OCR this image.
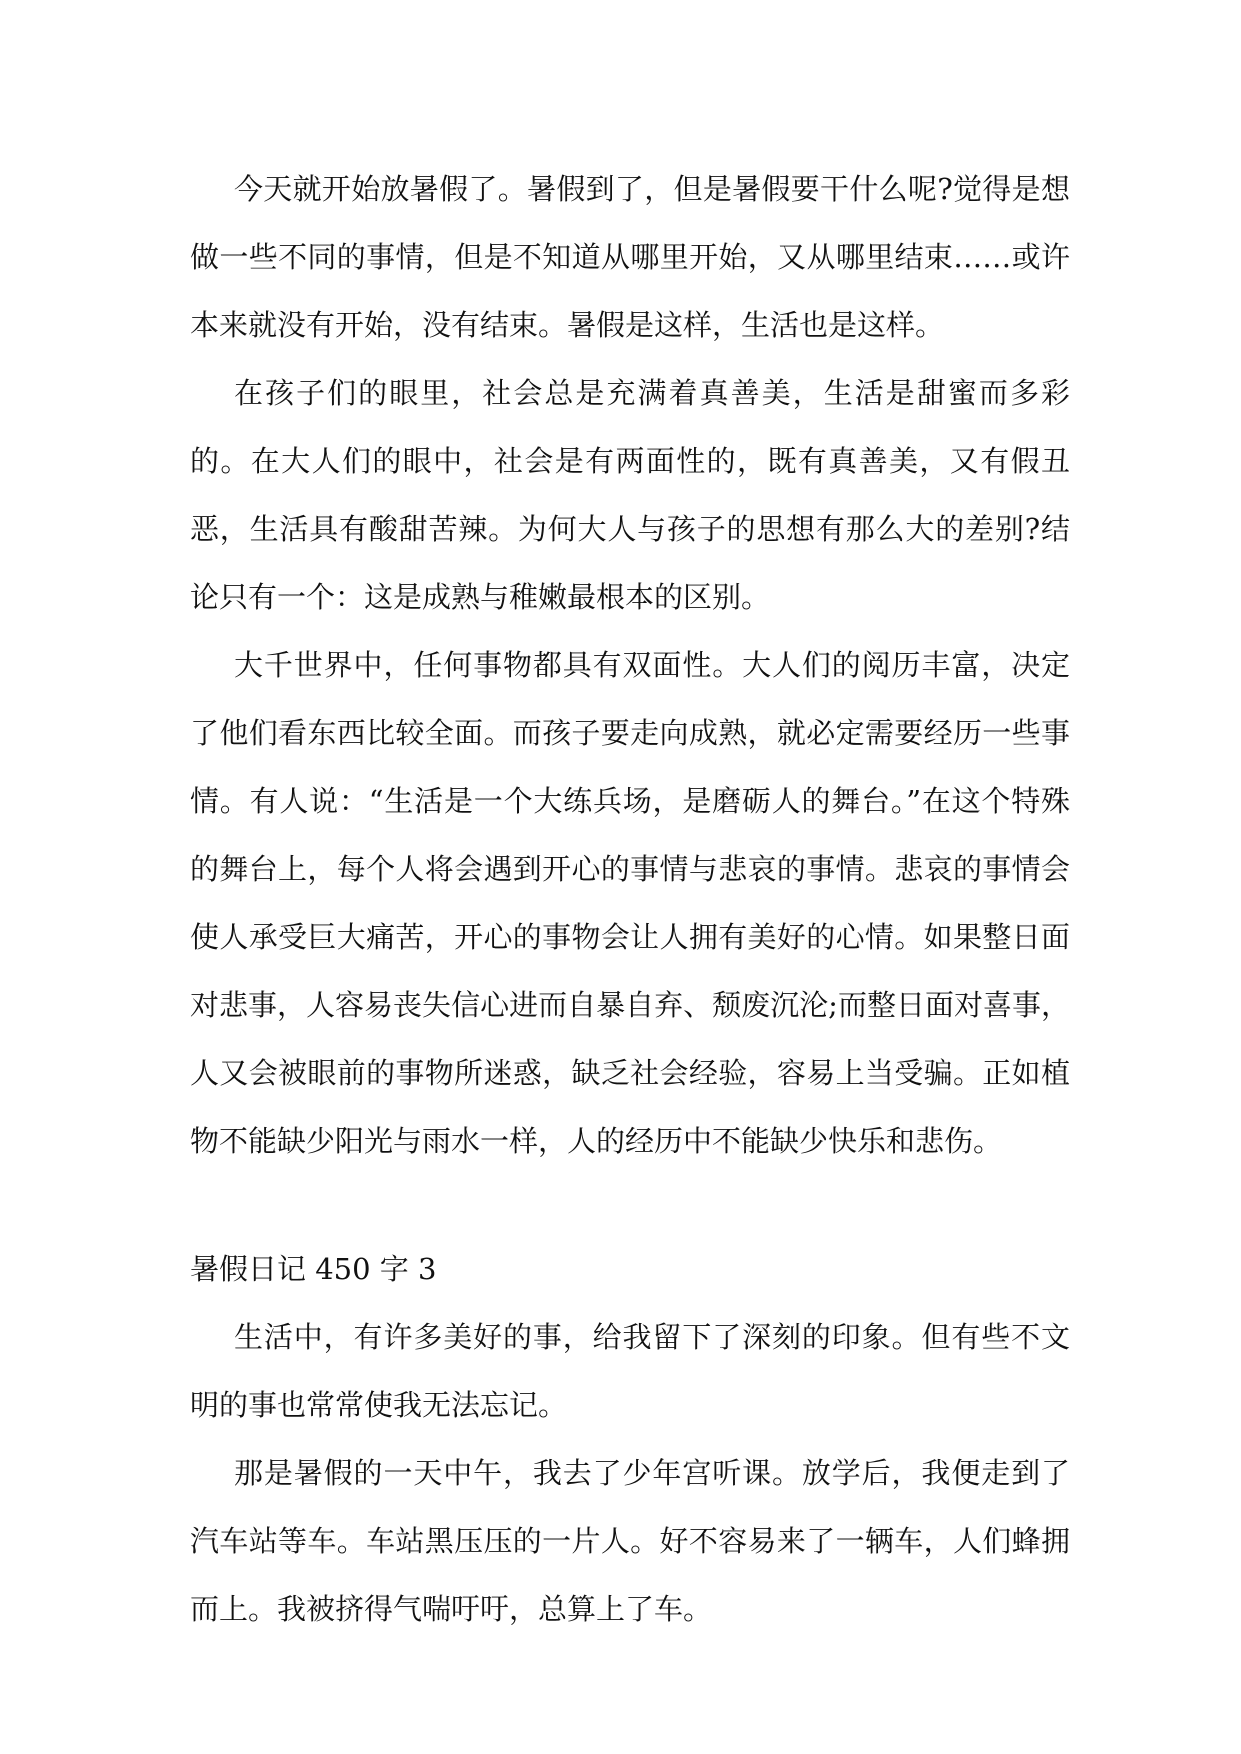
今天就开始放暑假了。暑假到了，但是暑假要干什么呢?觉得是想做一些不同的事情，但是不知道从哪里开始，又从哪里结束……或许本来就没有开始，没有结束。暑假是这样，生活也是这样。

在孩子们的眼里，社会总是充满着真善美，生活是甜蜜而多彩的。在大人们的眼中，社会是有两面性的，既有真善美，又有假丑恶，生活具有酸甜苦辣。为何大人与孩子的思想有那么大的差别?结论只有一个：这是成熟与稚嫩最根本的区别。

大千世界中，任何事物都具有双面性。大人们的阅历丰富，决定了他们看东西比较全面。而孩子要走向成熟，就必定需要经历一些事情。有人说：“生活是一个大练兵场，是磨砺人的舞台。”在这个特殊的舞台上，每个人将会遇到开心的事情与悲哀的事情。悲哀的事情会使人承受巨大痛苦，开心的事物会让人拥有美好的心情。如果整日面对悲事，人容易丧失信心进而自暴自弃、颓废沉沦;而整日面对喜事，人又会被眼前的事物所迷惑，缺乏社会经验，容易上当受骗。正如植物不能缺少阳光与雨水一样，人的经历中不能缺少快乐和悲伤。

暑假日记 450 字 3

生活中，有许多美好的事，给我留下了深刻的印象。但有些不文明的事也常常使我无法忘记。

那是暑假的一天中午，我去了少年宫听课。放学后，我便走到了汽车站等车。车站黑压压的一片人。好不容易来了一辆车，人们蜂拥而上。我被挤得气喘吁吁，总算上了车。
